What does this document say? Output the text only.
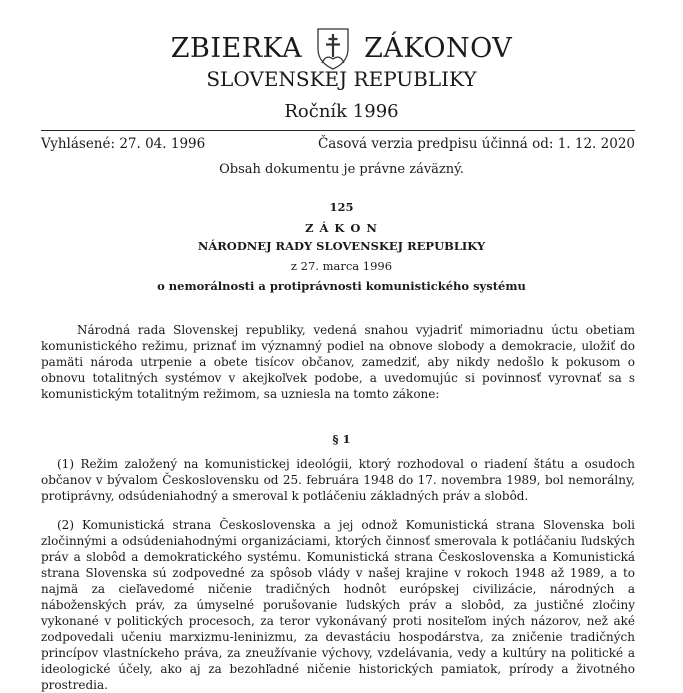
ZBIERKA ZÁKONOV
SLOVENSKEJ REPUBLIKY
Ročník 1996
Vyhlásené: 27. 04. 1996	Časová verzia predpisu účinná od: 1. 12. 2020
Obsah dokumentu je právne záväzný.
125
Z Á K O N
NÁRODNEJ RADY SLOVENSKEJ REPUBLIKY
z 27. marca 1996
o nemorálnosti a protiprávnosti komunistického systému
Národná rada Slovenskej republiky, vedená snahou vyjadriť mimoriadnu úctu obetiam komunistického režimu, priznať im významný podiel na obnove slobody a demokracie, uložiť do pamäti národa utrpenie a obete tisícov občanov, zamedziť, aby nikdy nedošlo k pokusom o obnovu totalitných systémov v akejkoľvek podobe, a uvedomujúc si povinnosť vyrovnať sa s komunistickým totalitným režimom, sa uzniesla na tomto zákone:
§ 1
(1) Režim založený na komunistickej ideológii, ktorý rozhodoval o riadení štátu a osudoch občanov v bývalom Československu od 25. februára 1948 do 17. novembra 1989, bol nemorálny, protiprávny, odsúdeniahodný a smeroval k potláčeniu základných práv a slobôd.
(2) Komunistická strana Československa a jej odnož Komunistická strana Slovenska boli zločinnými a odsúdeniahodnými organizáciami, ktorých činnosť smerovala k potláčaniu ľudských práv a slobôd a demokratického systému. Komunistická strana Československa a Komunistická strana Slovenska sú zodpovedné za spôsob vlády v našej krajine v rokoch 1948 až 1989, a to najmä za cieľavedomé ničenie tradičných hodnôt európskej civilizácie, národných a náboženských práv, za úmyselné porušovanie ľudských práv a slobôd, za justičné zločiny vykonané v politických procesoch, za teror vykonávaný proti nositeľom iných názorov, než aké zodpovedali učeniu marxizmu-leninizmu, za devastáciu hospodárstva, za zničenie tradičných princípov vlastníckeho práva, za zneužívanie výchovy, vzdelávania, vedy a kultúry na politické a ideologické účely, ako aj za bezohľadné ničenie historických pamiatok, prírody a životného prostredia.
